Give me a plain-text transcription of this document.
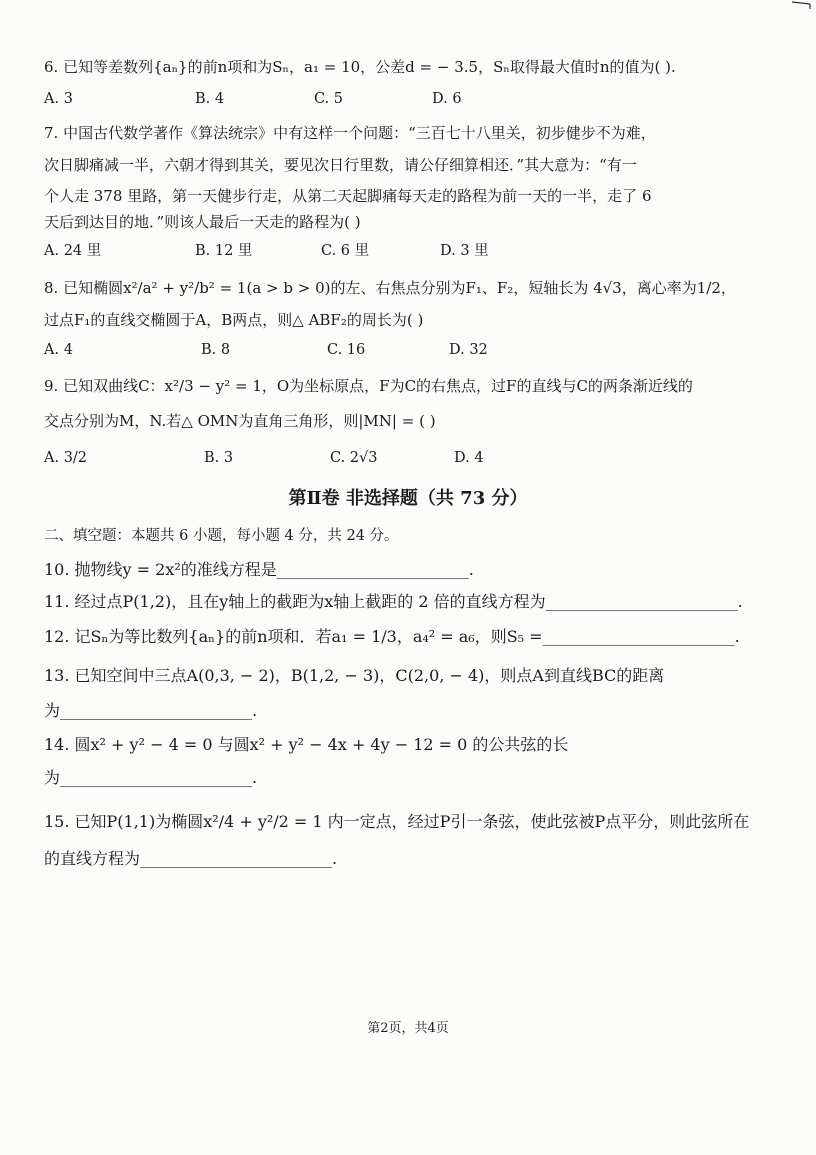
6. 已知等差数列{aₙ}的前n项和为Sₙ，a₁ = 10，公差d = − 3.5，Sₙ取得最大值时n的值为( ).
A. 3	B. 4	C. 5	D. 6
7. 中国古代数学著作《算法统宗》中有这样一个问题：“三百七十八里关，初步健步不为难，
次日脚痛减一半，六朝才得到其关，要见次日行里数，请公仔细算相还．”其大意为：“有一
个人走 378 里路，第一天健步行走，从第二天起脚痛每天走的路程为前一天的一半，走了 6
天后到达目的地．”则该人最后一天走的路程为( )
A. 24 里	B. 12 里	C. 6 里	D. 3 里
8. 已知椭圆x²/a² + y²/b² = 1(a > b > 0)的左、右焦点分别为F₁、F₂，短轴长为 4√3，离心率为1/2，
过点F₁的直线交椭圆于A，B两点，则△ ABF₂的周长为( )
A. 4	B. 8	C. 16	D. 32
9. 已知双曲线C：x²/3 − y² = 1，O为坐标原点，F为C的右焦点，过F的直线与C的两条渐近线的
交点分别为M，N.若△ OMN为直角三角形，则|MN| = ( )
A. 3/2	B. 3	C. 2√3	D. 4
第Ⅱ卷 非选择题（共 73 分）
二、填空题：本题共 6 小题，每小题 4 分，共 24 分。
10. 抛物线y = 2x²的准线方程是________________________.
11. 经过点P(1,2)，且在y轴上的截距为x轴上截距的 2 倍的直线方程为________________________.
12. 记Sₙ为等比数列{aₙ}的前n项和．若a₁ = 1/3，a₄² = a₆，则S₅ =________________________.
13. 已知空间中三点A(0,3, − 2)，B(1,2, − 3)，C(2,0, − 4)，则点A到直线BC的距离
为________________________.
14. 圆x² + y² − 4 = 0 与圆x² + y² − 4x + 4y − 12 = 0 的公共弦的长
为________________________.
15. 已知P(1,1)为椭圆x²/4 + y²/2 = 1 内一定点，经过P引一条弦，使此弦被P点平分，则此弦所在
的直线方程为________________________.
第2页，共4页
